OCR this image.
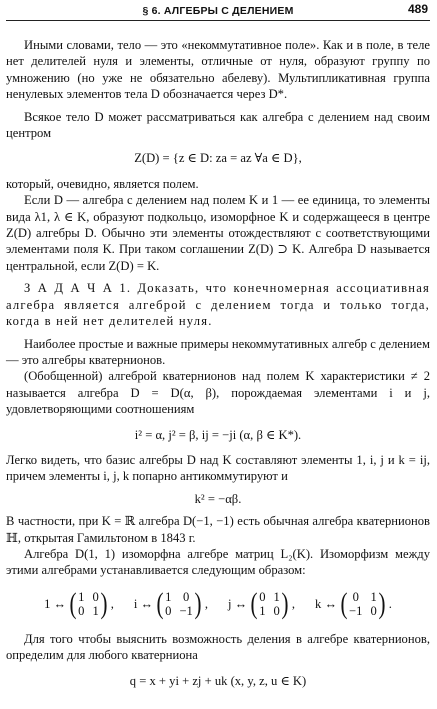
§ 6. АЛГЕБРЫ С ДЕЛЕНИЕМ	489

Иными словами, тело — это «некоммутативное поле». Как и в поле, в теле нет делителей нуля и элементы, отличные от нуля, образуют группу по умножению (но уже не обязательно абелеву). Мультипликативная группа ненулевых элементов тела D обозначается через D*.

Всякое тело D может рассматриваться как алгебра с делением над своим центром

Z(D) = {z ∈ D: za = az ∀a ∈ D},

который, очевидно, является полем.

Если D — алгебра с делением над полем K и 1 — ее единица, то элементы вида λ1, λ ∈ K, образуют подкольцо, изоморфное K и содержащееся в центре Z(D) алгебры D. Обычно эти элементы отождествляют с соответствующими элементами поля K. При таком соглашении Z(D) ⊃ K. Алгебра D называется центральной, если Z(D) = K.

З А Д А Ч А 1. Доказать, что конечномерная ассоциативная алгебра является алгеброй с делением тогда и только тогда, когда в ней нет делителей нуля.

Наиболее простые и важные примеры некоммутативных алгебр с делением — это алгебры кватернионов.

(Обобщенной) алгеброй кватернионов над полем K характеристики ≠ 2 называется алгебра D = D(α, β), порождаемая элементами i и j, удовлетворяющими соотношениям

i² = α, j² = β, ij = −ji (α, β ∈ K*).

Легко видеть, что базис алгебры D над K составляют элементы 1, i, j и k = ij, причем элементы i, j, k попарно антикоммутируют и

k² = −αβ.

В частности, при K = ℝ алгебра D(−1, −1) есть обычная алгебра кватернионов ℍ, открытая Гамильтоном в 1843 г.

Алгебра D(1, 1) изоморфна алгебре матриц L₂(K). Изоморфизм между этими алгебрами устанавливается следующим образом:

1 ↔ ( 1 0
0 1 ) , i ↔ ( 1 0
0 −1 ) , j ↔ ( 0 1
1 0 ) , k ↔ ( 0 1
−1 0 ) .

Для того чтобы выяснить возможность деления в алгебре кватернионов, определим для любого кватерниона

q = x + yi + zj + uk (x, y, z, u ∈ K)
